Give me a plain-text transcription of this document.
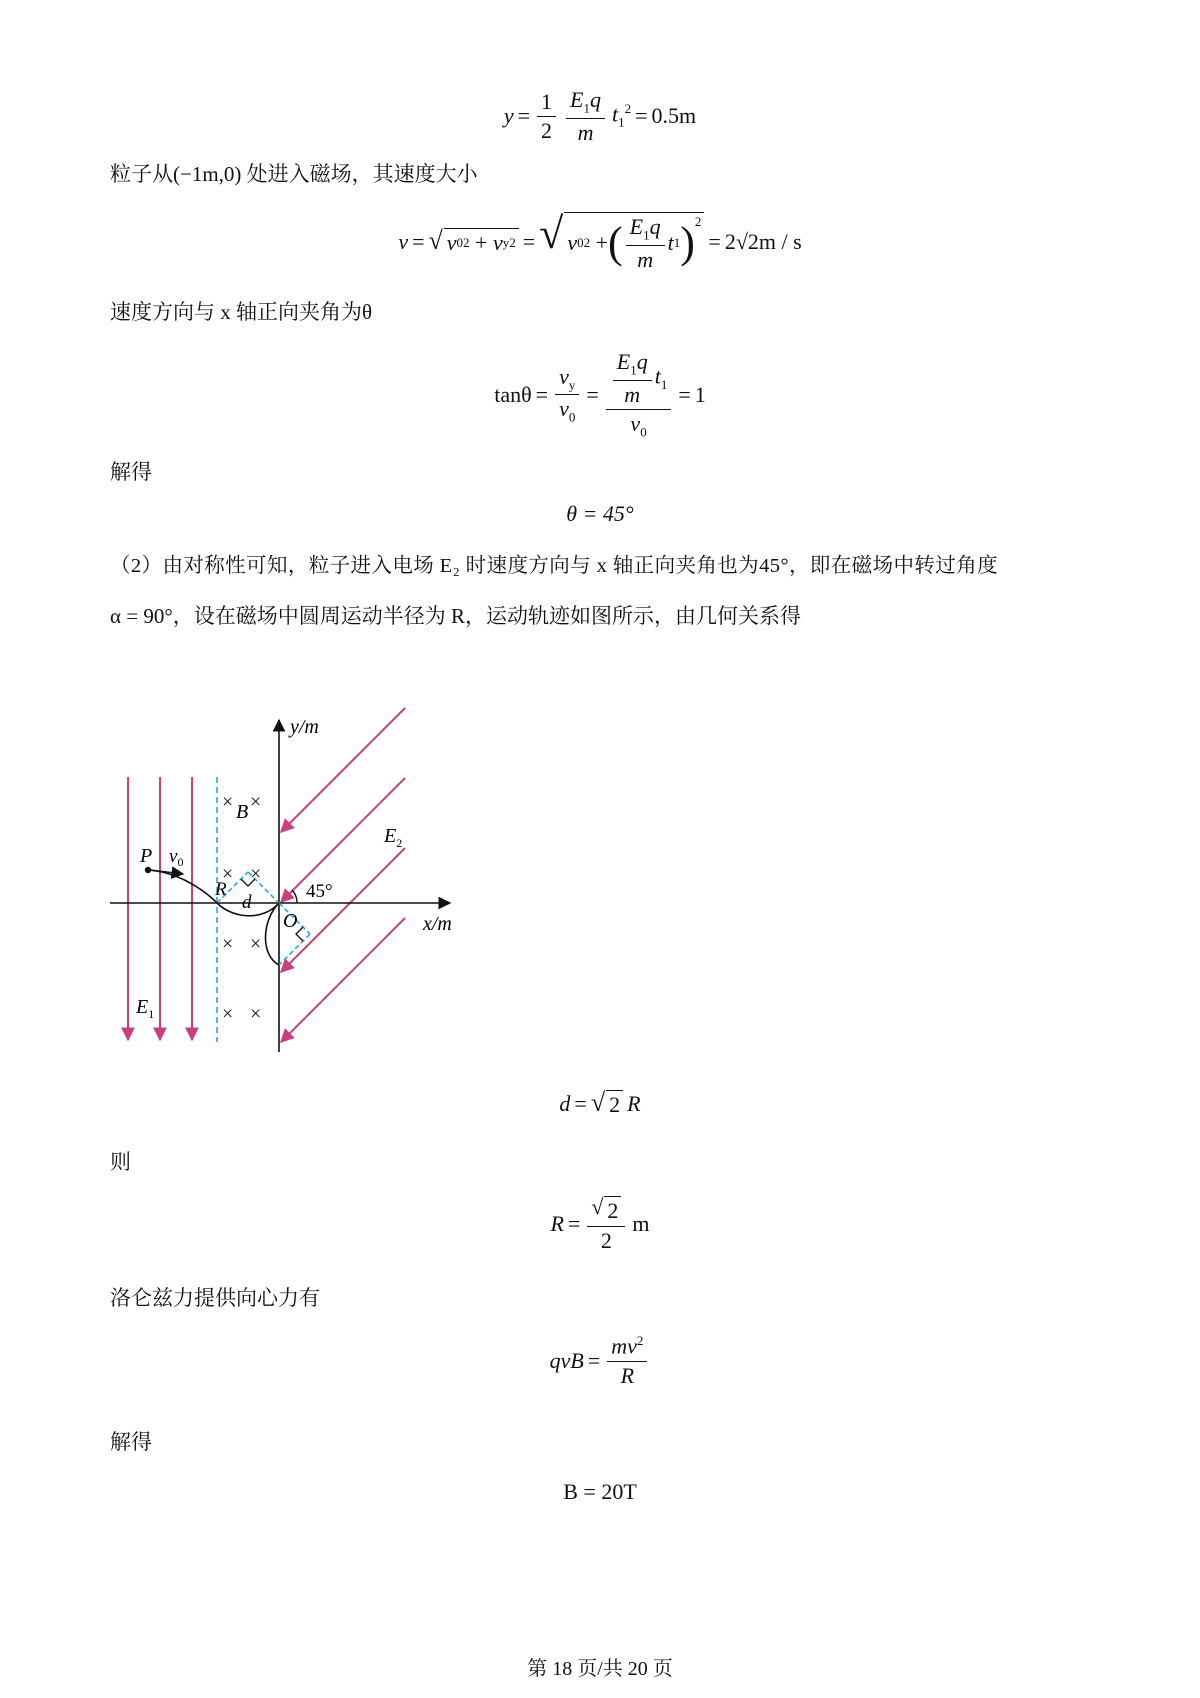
$y = \frac{1}{2} \frac{E_1q}{m} t_1^2 = 0.5m$
粒子从(−1m,0) 处进入磁场，其速度大小
v = √ v 0 2 + v y 2 = √ v 0 2 + ( $\frac{E_1q}{m}$ t 1 )$^2$
= 2√2m / s
速度方向与 x 轴正向夹角为θ
$\tan\theta = \frac{v_y}{v_0} = \frac{\frac{E_1q}{m} t_1}{v_0} = 1$
解得
θ = 45°
（2）由对称性可知，粒子进入电场 E₂ 时速度方向与 x 轴正向夹角也为45°，即在磁场中转过角度
α = 90°，设在磁场中圆周运动半径为 R，运动轨迹如图所示，由几何关系得
× ×
× ×
× ×
× ×
y/m
x/m
O
P $v_0$
$E_1$
$E_2$
B
R
d
45°
d = √ 2 R
则
$R = \frac{√ 2}{2}$ m
洛仑兹力提供向心力有
qvB = $\frac{mv^2}{R}$
解得
B = 20T
第 18 页/共 20 页
